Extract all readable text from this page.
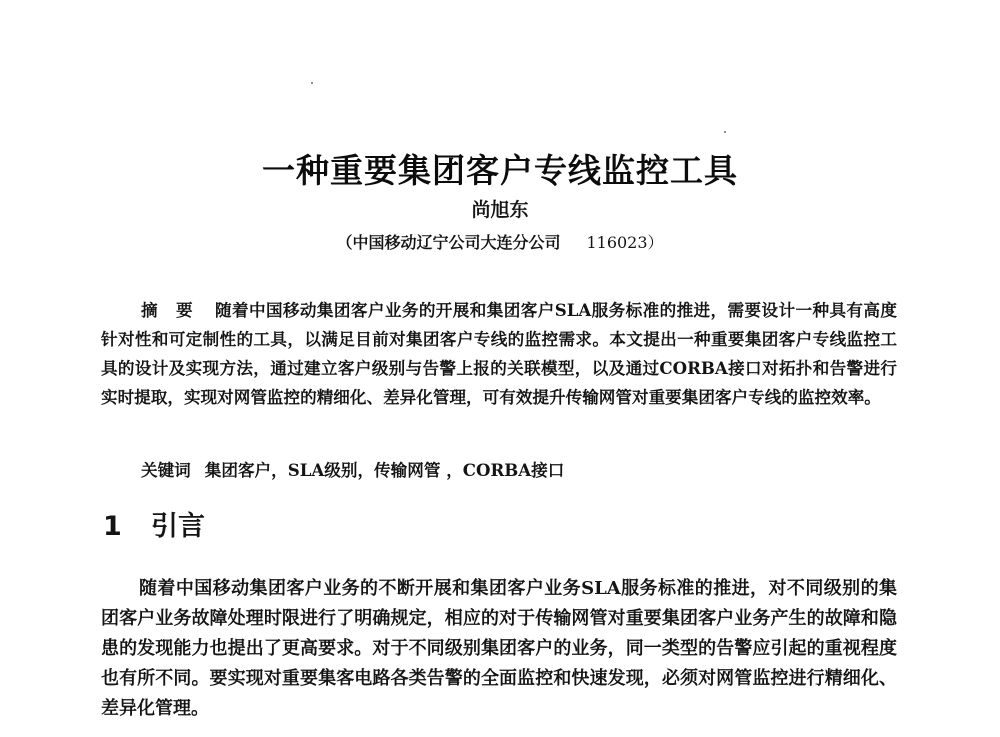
一种重要集团客户专线监控工具
尚旭东
（中国移动辽宁公司大连分公司 116023）
摘要 随着中国移动集团客户业务的开展和集团客户SLA服务标准的推进，需要设计一种具有高度针对性和可定制性的工具，以满足目前对集团客户专线的监控需求。本文提出一种重要集团客户专线监控工具的设计及实现方法，通过建立客户级别与告警上报的关联模型，以及通过CORBA接口对拓扑和告警进行实时提取，实现对网管监控的精细化、差异化管理，可有效提升传输网管对重要集团客户专线的监控效率。
关键词 集团客户，SLA级别，传输网管 ，CORBA接口
1 引言

随着中国移动集团客户业务的不断开展和集团客户业务SLA服务标准的推进，对不同级别的集团客户业务故障处理时限进行了明确规定，相应的对于传输网管对重要集团客户业务产生的故障和隐患的发现能力也提出了更高要求。对于不同级别集团客户的业务，同一类型的告警应引起的重视程度也有所不同。要实现对重要集客电路各类告警的全面监控和快速发现，必须对网管监控进行精细化、差异化管理。
